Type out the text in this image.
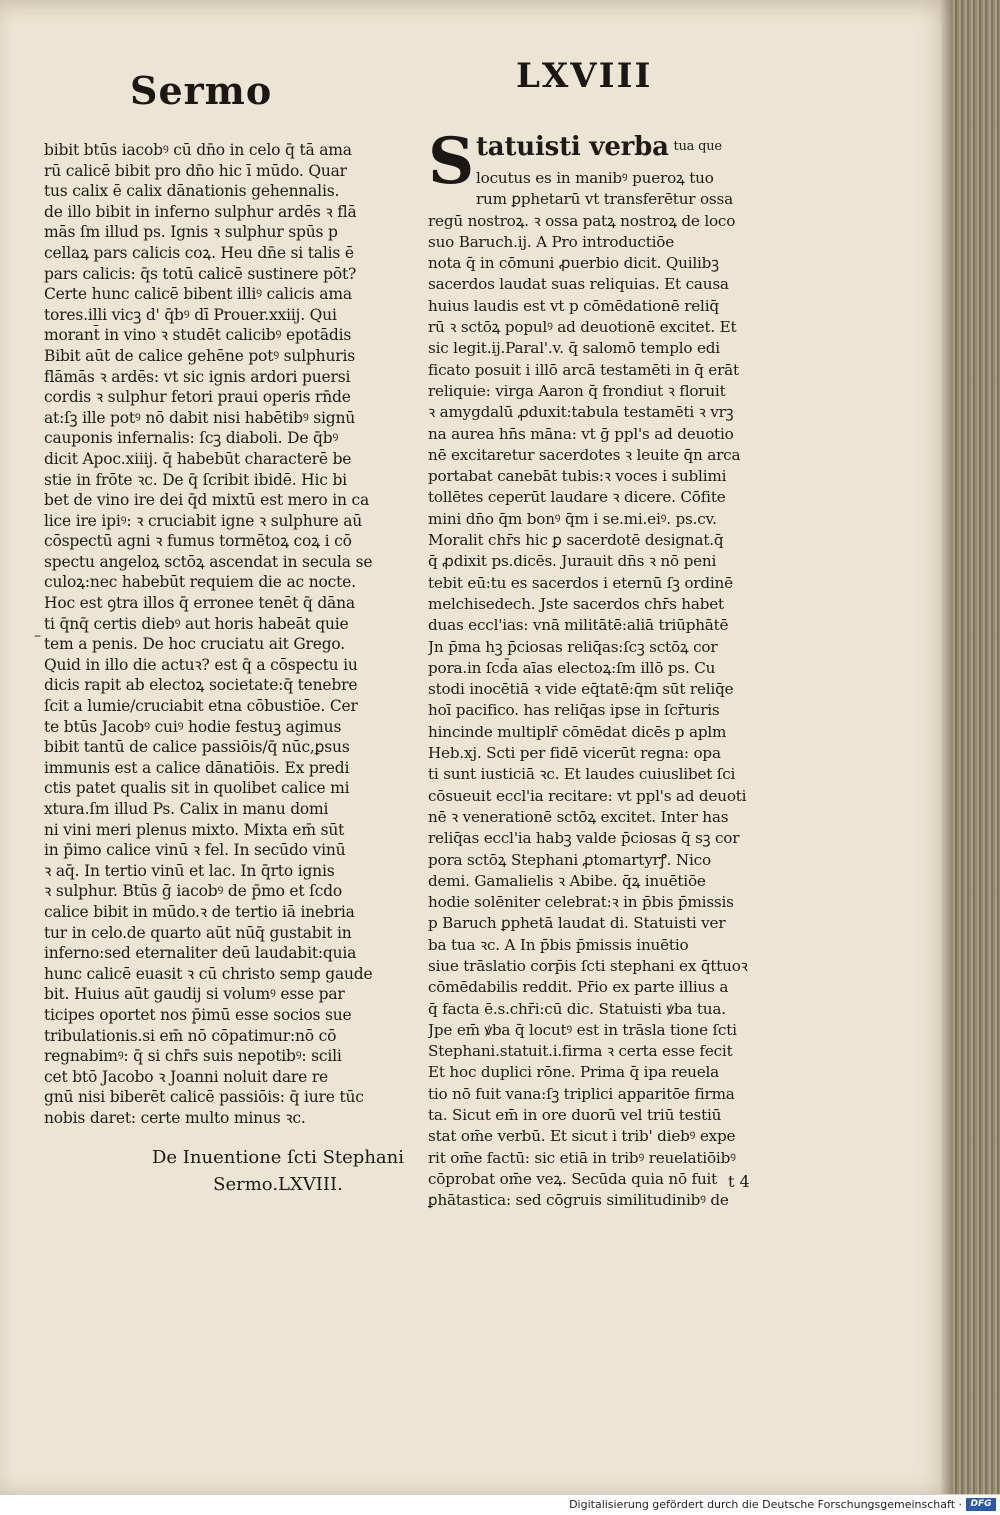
Sermo	LXVIII
–
bibit btūs iacobꝰ cū dn̄o in celo q̄ tā ama
rū calicē bibit pro dn̄o hic ī mūdo. Quar
tus calix ē calix dānationis gehennalis.
de illo bibit in inferno sulphur ardēs ꝛ flā
mās ſm illud ps. Ignis ꝛ sulphur spūs p
cellaꝝ pars calicis coꝝ. Heu dn̄e si talis ē
pars calicis: q̄s totū calicē sustinere pōt?
Certe hunc calicē bibent illiꝰ calicis ama
tores.illi vicꝫ d' q̄bꝰ dī Prouer.xxiij. Qui
morant̄ in vino ꝛ studēt calicibꝰ epotādis
Bibit aūt de calice gehēne potꝰ sulphuris
flāmās ꝛ ardēs: vt sic ignis ardori puersi
cordis ꝛ sulphur fetori praui operis rn̄de
at:ſꝫ ille potꝰ nō dabit nisi habētibꝰ signū
cauponis infernalis: ſcꝫ diaboli. De q̄bꝰ
dicit Apoc.xiiij. q̄ habebūt characterē be
stie in frōte ꝛc. De q̄ ſcribit ibidē. Hic bi
bet de vino ire dei q̄d mixtū est mero in ca
lice ire ipiꝰ: ꝛ cruciabit igne ꝛ sulphure aū
cōspectū agni ꝛ fumus tormētoꝝ coꝝ i cō
spectu angeloꝝ sctōꝝ ascendat in secula se
culoꝝ:nec habebūt requiem die ac nocte.
Hoc est ꝯtra illos q̄ erronee tenēt q̄ dāna
ti q̄nq̄ certis diebꝰ aut horis habeāt quie
tem a penis. De hoc cruciatu ait Grego.
Quid in illo die actuꝛ? est q̄ a cōspectu iu
dicis rapit ab electoꝝ societate:q̄ tenebre
ſcit a lumie/cruciabit etna cōbustiōe. Cer
te btūs Jacobꝰ cuiꝰ hodie festuꝫ agimus
bibit tantū de calice passiōis/q̄ nūc,ꝑsus
immunis est a calice dānatiōis. Ex predi
ctis patet qualis sit in quolibet calice mi
xtura.ſm illud Ps. Calix in manu domi
ni vini meri plenus mixto. Mixta em̄ sūt
in p̄imo calice vinū ꝛ fel. In secūdo vinū
ꝛ aq̄. In tertio vinū et lac. In q̄rto ignis
ꝛ sulphur. Btūs ḡ iacobꝰ de p̄mo et ſcdo
calice bibit in mūdo.ꝛ de tertio iā inebria
tur in celo.de quarto aūt nūq̄ gustabit in
inferno:sed eternaliter deū laudabit:quia
hunc calicē euasit ꝛ cū christo semp gaude
bit. Huius aūt gaudij si volumꝰ esse par
ticipes oportet nos p̄imū esse socios sue
tribulationis.si em̄ nō cōpatimur:nō cō
regnabimꝰ: q̄ si chr̄s suis nepotibꝰ: scili
cet btō Jacobo ꝛ Joanni noluit dare re
gnū nisi biberēt calicē passiōis: q̄ iure tūc
nobis daret: certe multo minus ꝛc.
De Inuentione ſcti Stephani
Sermo.LXVIII.
S tatuisti verba tua que
locutus es in manibꝰ pueroꝝ tuo
rum ꝑphetarū vt transferētur ossa
regū nostroꝝ. ꝛ ossa patꝝ nostroꝝ de loco
suo Baruch.ij. A Pro introductiōe
nota q̄ in cōmuni ꝓuerbio dicit. Quilibꝫ
sacerdos laudat suas reliquias. Et causa
huius laudis est vt p cōmēdationē reliq̄
rū ꝛ sctōꝝ populꝰ ad deuotionē excitet. Et
sic legit.ij.Paral'.v. q̄ salomō templo edi
ficato posuit i illō arcā testamēti in q̄ erāt
reliquie: virga Aaron q̄ frondiut ꝛ floruit
ꝛ amygdalū ꝓduxit:tabula testamēti ꝛ vrꝫ
na aurea hn̄s māna: vt ḡ ppl's ad deuotio
nē excitaretur sacerdotes ꝛ leuite q̄n arca
portabat canebāt tubis:ꝛ voces i sublimi
tollētes ceperūt laudare ꝛ dicere. Cōfite
mini dn̄o q̄m bonꝰ q̄m i se.mi.eiꝰ. ps.cv.
Moralit chr̄s hic ꝑ sacerdotē designat.q̄
q̄ ꝓdixit ps.dicēs. Jurauit dn̄s ꝛ nō peni
tebit eū:tu es sacerdos i eternū ſꝫ ordinē
melchisedech. Jste sacerdos chr̄s habet
duas eccl'ias: vnā militātē:aliā triūphātē
Jn p̄ma hꝫ p̄ciosas reliq̄as:ſcꝫ sctōꝝ cor
pora.in ſcd̄a aīas electoꝝ:ſm illō ps. Cu
stodi inocētiā ꝛ vide eq̄tatē:q̄m sūt reliq̄e
hoī pacifico. has reliq̄as ipse in ſcr̄turis
hincinde multiplr̄ cōmēdat dicēs p aplm
Heb.xj. Scti per fidē vicerūt regna: opa
ti sunt iusticiā ꝛc. Et laudes cuiuslibet ſci
cōsueuit eccl'ia recitare: vt ppl's ad deuoti
nē ꝛ venerationē sctōꝝ excitet. Inter has
reliq̄as eccl'ia habꝫ valde p̄ciosas q̄ sꝫ cor
pora sctōꝝ Stephani ꝓtomartyrꝭ. Nico
demi. Gamalielis ꝛ Abibe. q̄ꝝ inuētiōe
hodie solēniter celebrat:ꝛ in p̄bis p̄missis
p Baruch ꝑphetā laudat di. Statuisti ver
ba tua ꝛc. A In p̄bis p̄missis inuētio
siue trāslatio corp̄is ſcti stephani ex q̄ttuoꝛ
cōmēdabilis reddit. Pr̄io ex parte illius a
q̄ facta ē.s.chr̄i:cū dic. Statuisti ꝟba tua.
Jpe em̄ ꝟba q̄ locutꝰ est in trāsla tione ſcti
Stephani.statuit.i.firma ꝛ certa esse fecit
Et hoc duplici rōne. Prima q̄ ipa reuela
tio nō fuit vana:ſꝫ triplici apparitōe firma
ta. Sicut em̄ in ore duorū vel triū testiū
stat om̄e verbū. Et sicut i trib' diebꝰ expe
rit om̄e factū: sic etiā in tribꝰ reuelatiōibꝰ
cōprobat om̄e veꝝ. Secūda quia nō fuit
ꝑhātastica: sed cōgruis similitudinibꝰ de
t 4
Digitalisierung gefördert durch die Deutsche Forschungsgemeinschaft · DFG
